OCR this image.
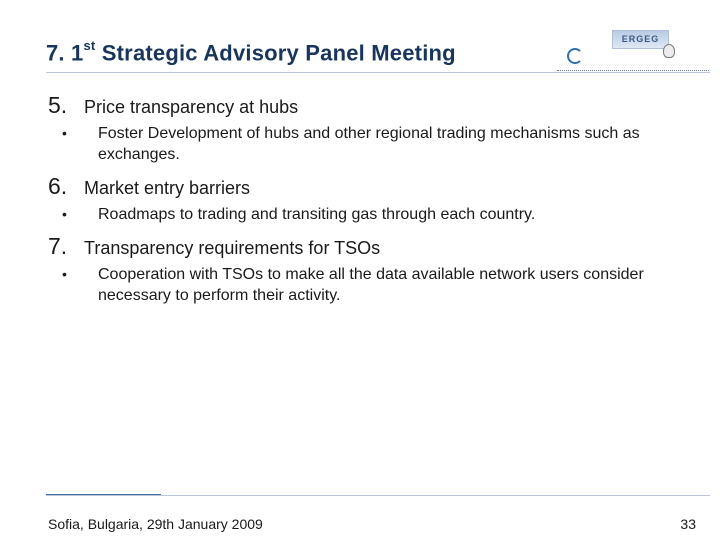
7. 1st Strategic Advisory Panel Meeting
ERGEG
5. Price transparency at hubs
•	Foster Development of hubs and other regional trading mechanisms such as exchanges.
6. Market entry barriers
•	Roadmaps to trading and transiting gas through each country.
7. Transparency requirements for TSOs
•	Cooperation with TSOs to make all the data available network users consider necessary to perform their activity.
Sofia, Bulgaria, 29th January 2009	33
